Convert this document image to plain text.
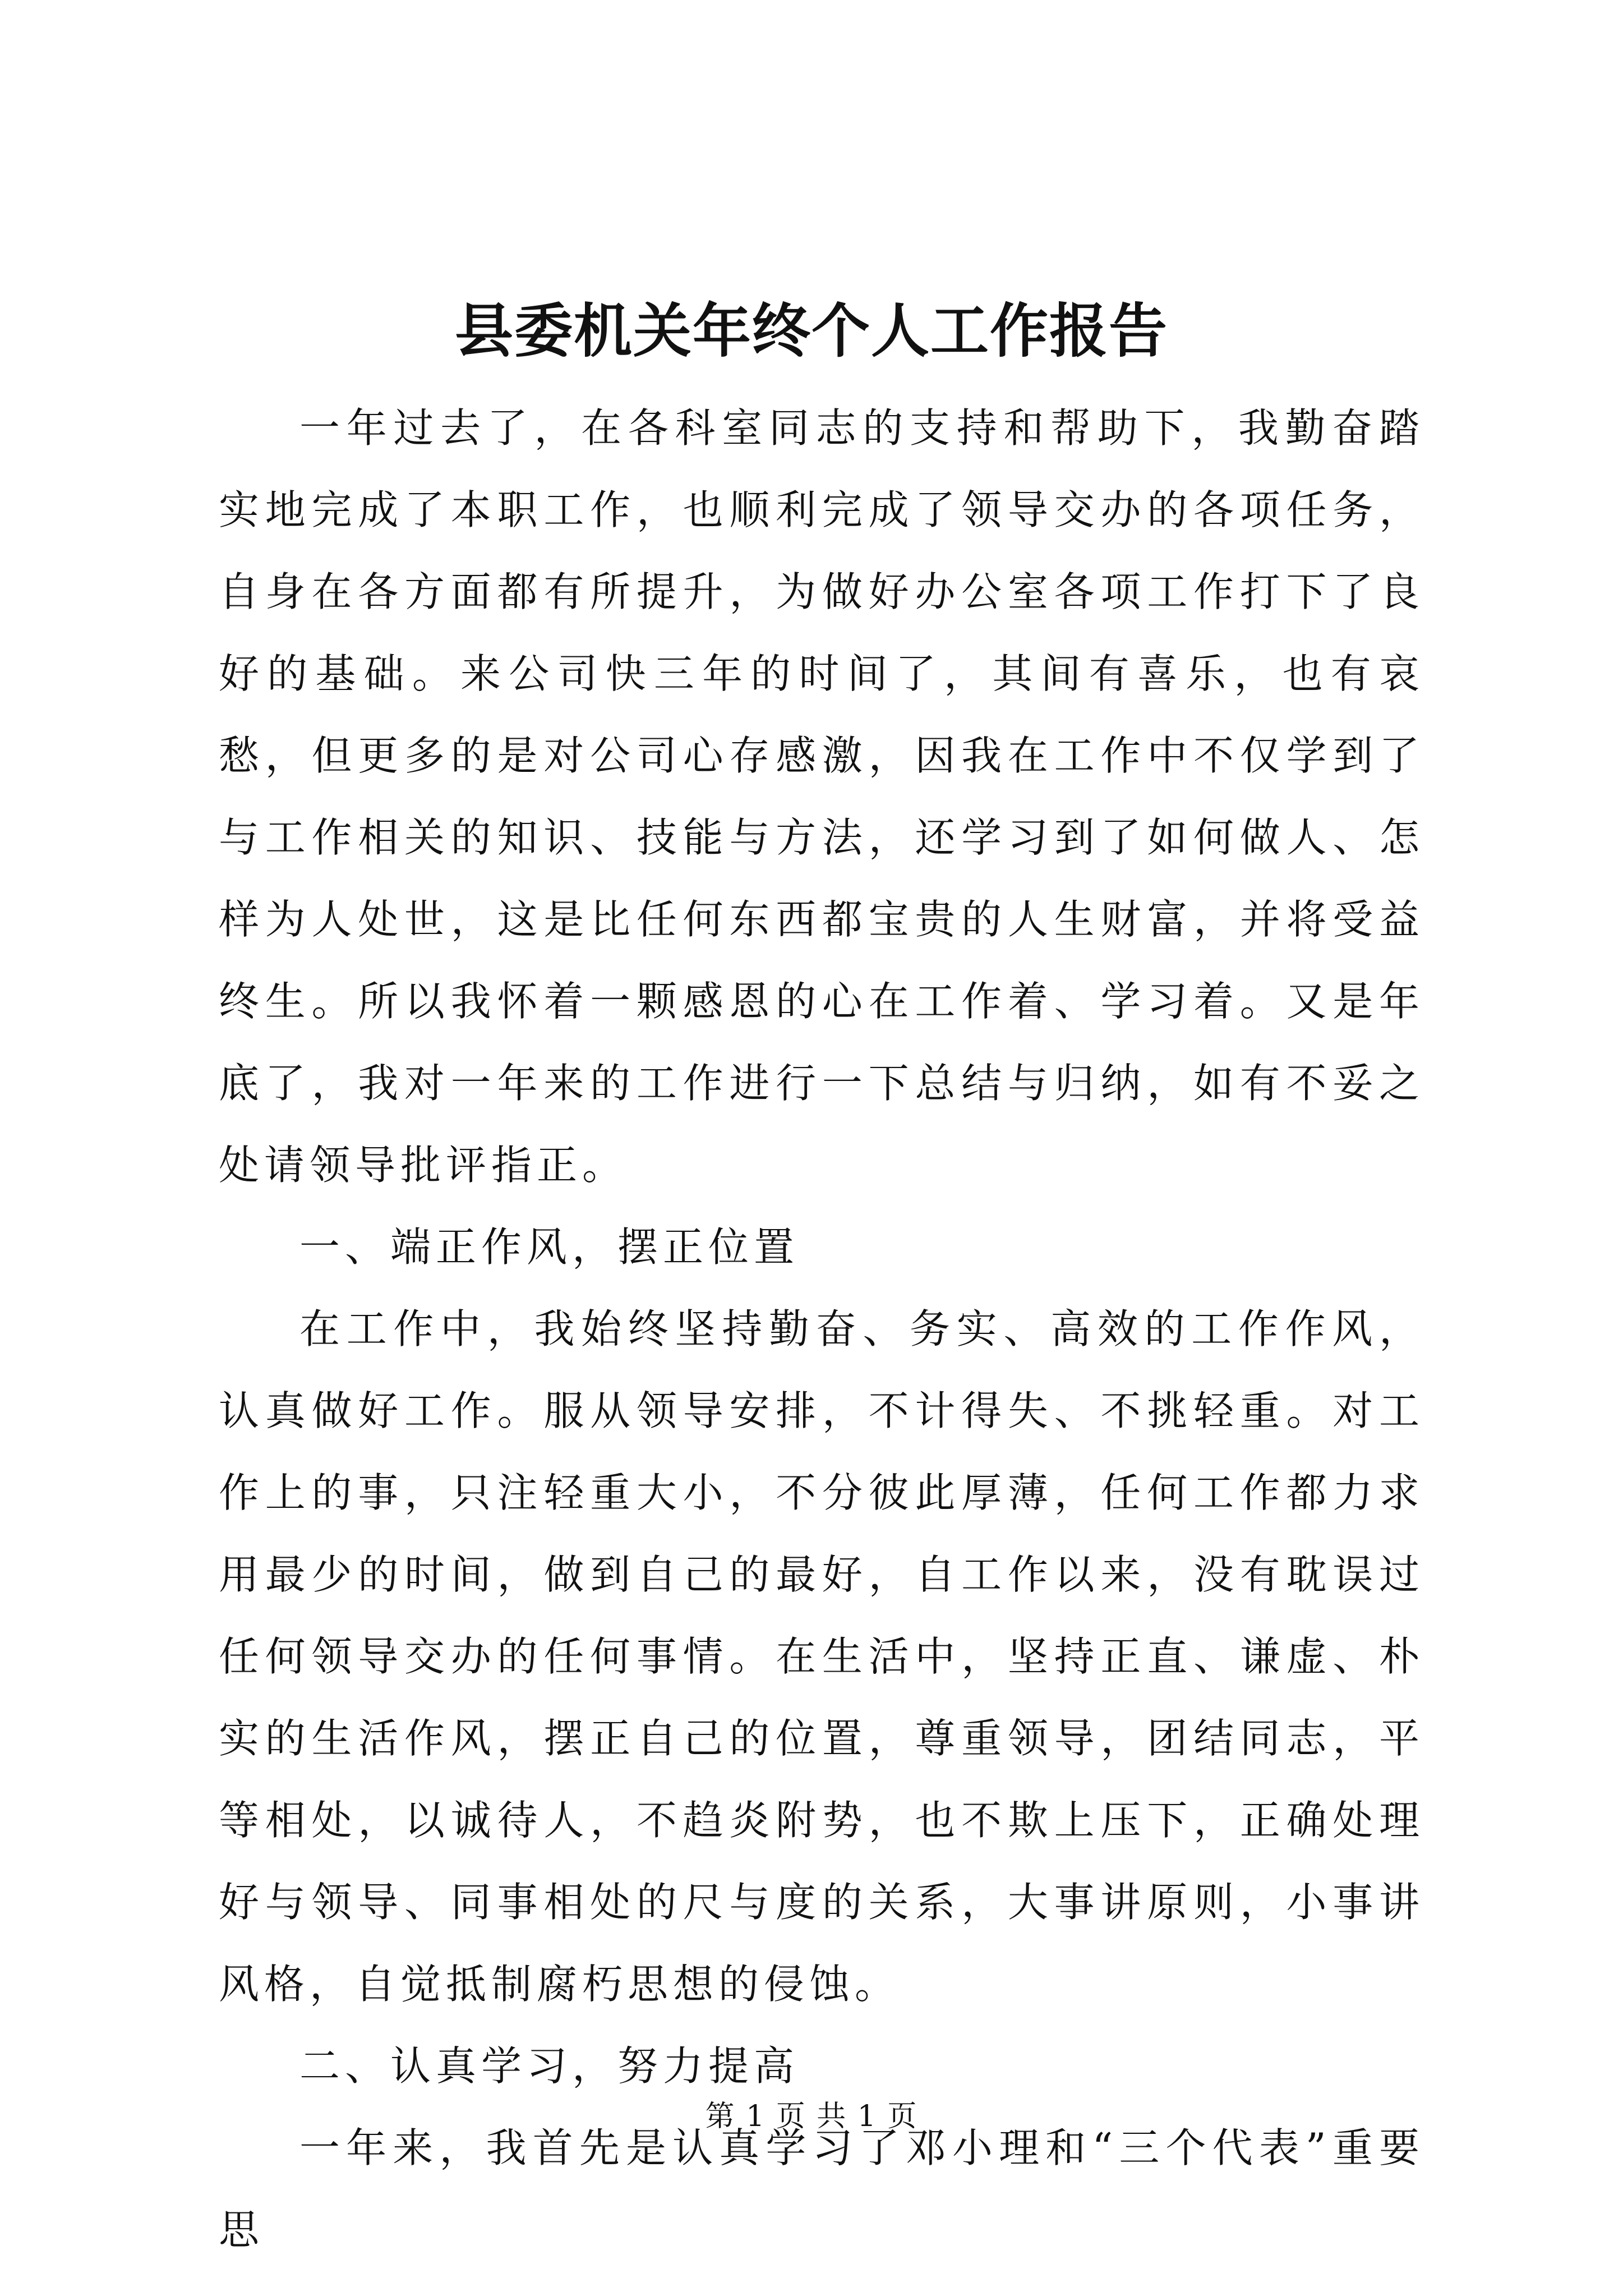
县委机关年终个人工作报告

一年过去了，在各科室同志的支持和帮助下，我勤奋踏实地完成了本职工作，也顺利完成了领导交办的各项任务，自身在各方面都有所提升，为做好办公室各项工作打下了良好的基础。来公司快三年的时间了，其间有喜乐，也有哀愁，但更多的是对公司心存感激，因我在工作中不仅学到了与工作相关的知识、技能与方法，还学习到了如何做人、怎样为人处世，这是比任何东西都宝贵的人生财富，并将受益终生。所以我怀着一颗感恩的心在工作着、学习着。又是年底了，我对一年来的工作进行一下总结与归纳，如有不妥之处请领导批评指正。

一、端正作风，摆正位置

在工作中，我始终坚持勤奋、务实、高效的工作作风，认真做好工作。服从领导安排，不计得失、不挑轻重。对工作上的事，只注轻重大小，不分彼此厚薄，任何工作都力求用最少的时间，做到自己的最好，自工作以来，没有耽误过任何领导交办的任何事情。在生活中，坚持正直、谦虚、朴实的生活作风，摆正自己的位置，尊重领导，团结同志，平等相处，以诚待人，不趋炎附势，也不欺上压下，正确处理好与领导、同事相处的尺与度的关系，大事讲原则，小事讲风格，自觉抵制腐朽思想的侵蚀。

二、认真学习，努力提高

一年来，我首先是认真学习了邓小理和“三个代表”重要思

第 1 页 共 1 页
